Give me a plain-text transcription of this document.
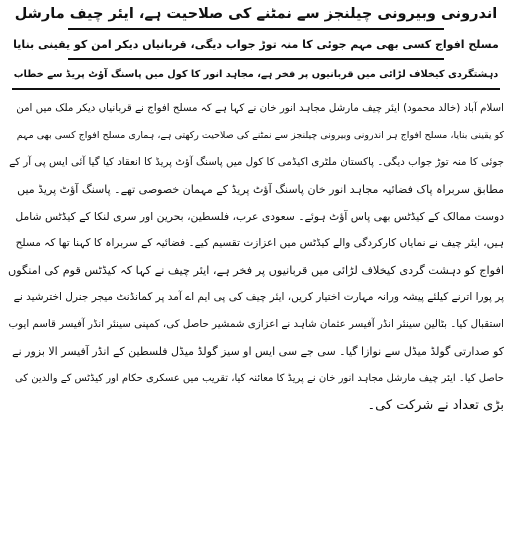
اندرونی وبیرونی چیلنجز سے نمٹنے کی صلاحیت ہے، ایئر چیف مارشل

مسلح افواج کسی بھی مہم جوئی کا منہ توڑ جواب دیگی، قربانیاں دیکر امن کو یقینی بنایا

دہشتگردی کیخلاف لڑائی میں قربانیوں پر فخر ہے، مجاہد انور کا کول میں پاسنگ آؤٹ پریڈ سے خطاب

اسلام آباد (خالد محمود) ایئر چیف مارشل مجاہد انور خان نے کہا ہے کہ مسلح افواج نے قربانیاں دیکر ملک میں امن

کو یقینی بنایا، مسلح افواج ہر اندرونی وبیرونی چیلنجز سے نمٹنے کی صلاحیت رکھتی ہے، ہماری مسلح افواج کسی بھی مہم

جوئی کا منہ توڑ جواب دیگی۔ پاکستان ملٹری اکیڈمی کا کول میں پاسنگ آؤٹ پریڈ کا انعقاد کیا گیا آئی ایس پی آر کے

مطابق سربراہ پاک فضائیہ مجاہد انور خان پاسنگ آؤٹ پریڈ کے مہمان خصوصی تھے۔ پاسنگ آؤٹ پریڈ میں

دوست ممالک کے کیڈٹس بھی پاس آؤٹ ہوئے۔ سعودی عرب، فلسطین، بحرین اور سری لنکا کے کیڈٹس شامل

ہیں، ایئر چیف نے نمایاں کارکردگی والے کیڈٹس میں اعزازت تقسیم کیے۔ فضائیہ کے سربراہ کا کہنا تھا کہ مسلح

افواج کو دہشت گردی کیخلاف لڑائی میں قربانیوں پر فخر ہے، ایئر چیف نے کہا کہ کیڈٹس قوم کی امنگوں

پر پورا اترنے کیلئے پیشہ ورانہ مہارت اختیار کریں، ایئر چیف کی پی ایم اے آمد پر کمانڈنٹ میجر جنرل اخترشید نے

استقبال کیا۔ بٹالین سینئر انڈر آفیسر عثمان شاہد نے اعزازی شمشیر حاصل کی، کمپنی سینئر انڈر آفیسر قاسم ایوب

کو صدارتی گولڈ میڈل سے نوازا گیا۔ سی جے سی ایس او سیز گولڈ میڈل فلسطین کے انڈر آفیسر الا بزور نے

حاصل کیا۔ ایئر چیف مارشل مجاہد انور خان نے پریڈ کا معائنہ کیا، تقریب میں عسکری حکام اور کیڈٹس کے والدین کی

بڑی تعداد نے شرکت کی۔
